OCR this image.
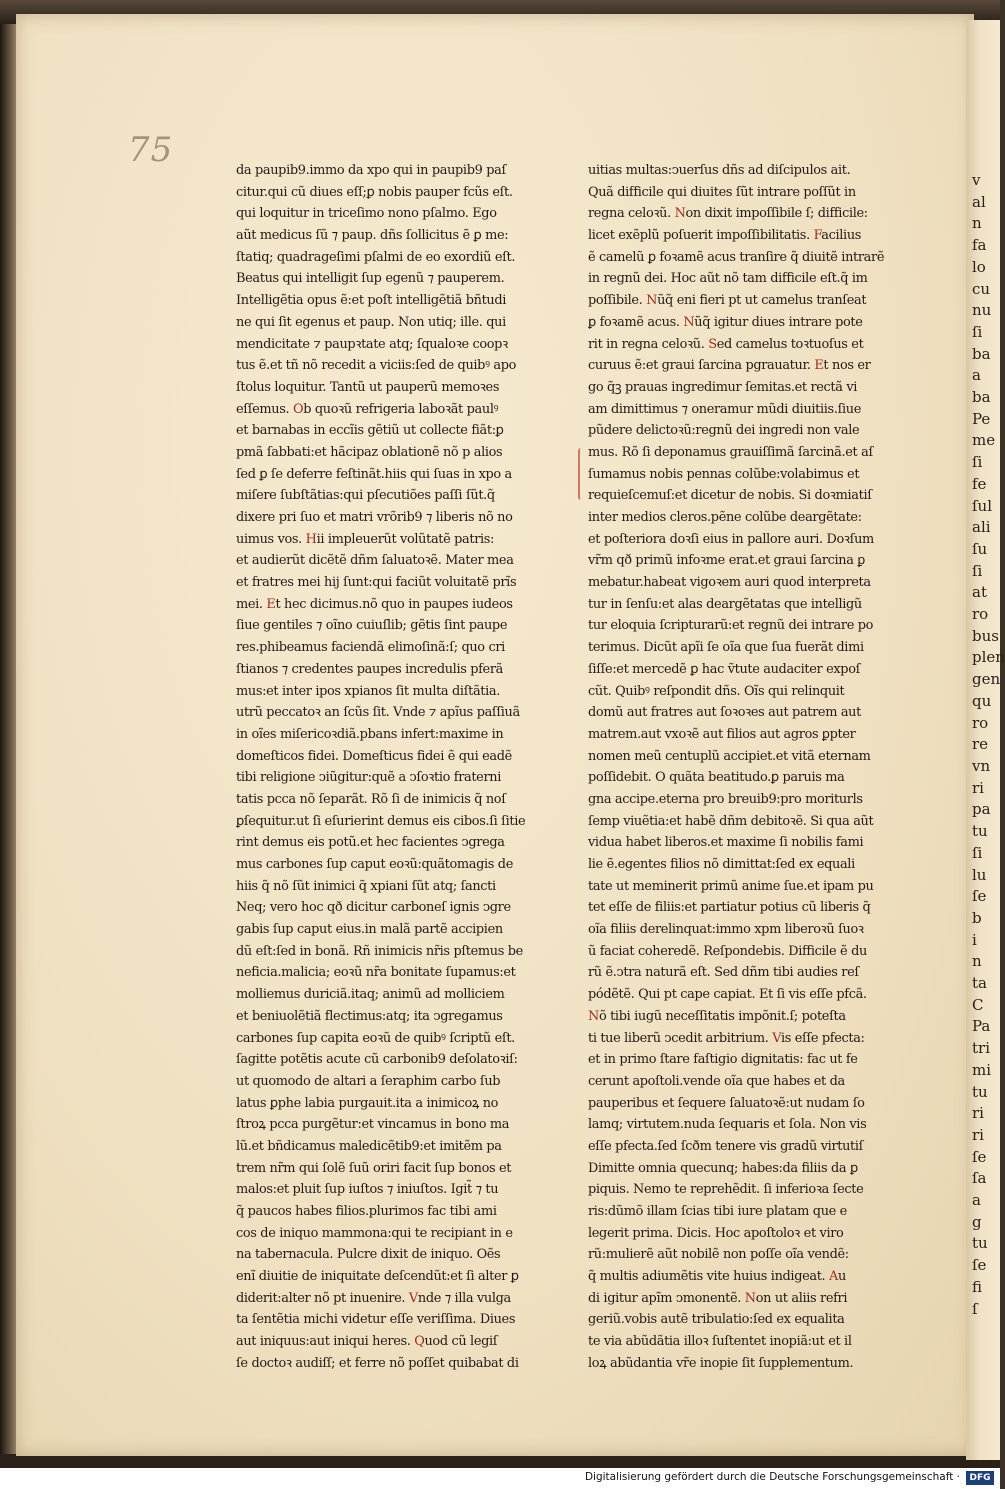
v
al
n
fa
lo
cu
nu
ſi
ba
a
ba
Pe
me
ſi
fe
ſul
ali
ſu
ſi
at
ro
bus
plen
gen
qu
ro
re
vn
ri
pa
tu
ſi
lu
ſe
b
i
n
ta
C
Pa
tri
mi
tu
ri
ri
ſe
ſa
a
g
tu
ſe
fi
ſ
75
da paupib9.immo da xpo qui in paupib9 paſ
citur.qui cũ diues eſſ;ꝑ nobis pauper fcũs eſt.
qui loquitur in triceſimo nono pſalmo. Ego
aũt medicus ſũ ⁊ paup. dñs ſollicitus ẽ ꝑ me:
ſtatiq; quadrageſimi pſalmi de eo exordiũ eſt.
Beatus qui intelligit ſup egenũ ⁊ pauperem.
Intelligẽtia opus ẽ:et poſt intelligẽtiã bñtudi
ne qui ſit egenus et paup. Non utiq; ille. qui
mendicitate ⁊ paupꝛtate atq; ſqualoꝛe coopꝛ
tus ẽ.et tñ nõ recedit a viciis:ſed de quibꝰ apo
ſtolus loquitur. Tantũ ut pauperũ memoꝛes
eſſemus. Ob quoꝛũ refrigeria laboꝛãt paulꝰ
et barnabas in eccĩis gẽtiũ ut collecte fiãt:ꝑ
pmã ſabbati:et hãcipaz oblationẽ nõ p alios
ſed ꝑ ſe deferre feſtinãt.hiis qui ſuas in xpo a
miſere ſubſtãtias:qui pſecutiões paſſi ſũt.q̃
dixere pri ſuo et matri vrõrib9 ⁊ liberis nõ no
uimus vos. Hii impleuerũt volũtatẽ patris:
et audierũt dicẽtẽ dñm ſaluatoꝛẽ. Mater mea
et fratres mei hij ſunt:qui faciũt voluitatẽ prĩs
mei. Et hec dicimus.nõ quo in paupes iudeos
ſiue gentiles ⁊ oĩno cuiuſlib; gẽtis ſint paupe
res.phibeamus faciendã elimoſinã:ſ; quo cri
ſtianos ⁊ credentes paupes incredulis pferã
mus:et inter ipos xpianos ſit multa diſtãtia.
utrũ peccatoꝛ an ſcũs ſit. Vnde ⁊ apĩus paſſiuã
in oĩes miſericoꝛdiã.pbans infert:maxime in
domeſticos fidei. Domeſticus fidei ẽ qui eadẽ
tibi religione ↄiũgitur:quẽ a ↄſoꝛtio fraterni
tatis pcca nõ ſeparãt. Rõ ſi de inimicis q̃ noſ
ꝑſequitur.ut ſi eſurierint demus eis cibos.ſi ſitie
rint demus eis potũ.et hec facientes ↄgrega
mus carbones ſup caput eoꝛũ:quãtomagis de
hiis q̃ nõ ſũt inimici q̃ xpiani ſũt atq; ſancti
Neq; vero hoc qð dicitur carboneſ ignis ↄgre
gabis ſup caput eius.in malã partẽ accipien
dũ eſt:ſed in bonã. Rñ inimicis nr̃is pſtemus be
neficia.malicia; eoꝛũ nr̃a bonitate ſupamus:et
molliemus duriciã.itaq; animũ ad molliciem
et beniuolẽtiã flectimus:atq; ita ↄgregamus
carbones ſup capita eoꝛũ de quibꝰ ſcriptũ eſt.
ſagitte potẽtis acute cũ carbonib9 deſolatoꝛiſ:
ut quomodo de altari a ſeraphim carbo ſub
latus ꝑphe labia purgauit.ita a inimicoꝝ no
ſtroꝝ pcca purgẽtur:et vincamus in bono ma
lũ.et bñdicamus maledicẽtib9:et imitẽm pa
trem nr̃m qui ſolẽ ſuũ oriri facit ſup bonos et
malos:et pluit ſup iuſtos ⁊ iniuſtos. Igit̃ ⁊ tu
q̃ paucos habes filios.plurimos fac tibi ami
cos de iniquo mammona:qui te recipiant in e
na tabernacula. Pulcre dixit de iniquo. Oẽs
enĩ diuitie de iniquitate deſcendũt:et ſi alter ꝑ
diderit:alter nõ pt inuenire. Vnde ⁊ illa vulga
ta ſentẽtia michi videtur eſſe veriſſima. Diues
aut iniquus:aut iniqui heres. Quod cũ legiſ
ſe doctoꝛ audiſſ; et ferre nõ poſſet quibabat di
uitias multas:ↄuerſus dñs ad diſcipulos ait.
Quã difficile qui diuites ſũt intrare poſſũt in
regna celoꝛũ. Non dixit impoſſibile ſ; difficile:
licet exẽplũ poſuerit impoſſibilitatis. Facilius
ẽ camelũ ꝑ foꝛamẽ acus tranſire q̃ diuitẽ intrarẽ
in regnũ dei. Hoc aũt nõ tam difficile eſt.q̃ im
poſſibile. Nũq̃ eni fieri pt ut camelus tranſeat
ꝑ foꝛamẽ acus. Nũq̃ igitur diues intrare pote
rit in regna celoꝛũ. Sed camelus toꝛtuoſus et
curuus ẽ:et graui ſarcina pgrauatur. Et nos er
go q̃ꝫ prauas ingredimur ſemitas.et rectã vi
am dimittimus ⁊ oneramur mũdi diuitiis.ſiue
pũdere delictoꝛũ:regnũ dei ingredi non vale
mus. Rõ ſi deponamus grauiſſimã ſarcinã.et aſ
ſumamus nobis pennas colũbe:volabimus et
requieſcemuſ:et dicetur de nobis. Si doꝛmiatiſ
inter medios cleros.pẽne colũbe deargẽtate:
et poſteriora doꝛſi eius in pallore auri. Doꝛſum
vr̃m qð primũ infoꝛme erat.et graui ſarcina ꝑ
mebatur.habeat vigoꝛem auri quod interpreta
tur in ſenſu:et alas deargẽtatas que intelligũ
tur eloquia ſcripturarũ:et regnũ dei intrare po
terimus. Dicũt apĩi ſe oĩa que ſua fuerãt dimi
ſiſſe:et mercedẽ ꝑ hac ṽtute audaciter expoſ
cũt. Quibꝰ reſpondit dñs. Oĩs qui relinquit
domũ aut fratres aut ſoꝛoꝛes aut patrem aut
matrem.aut vxoꝛẽ aut filios aut agros ꝑpter
nomen meũ centuplũ accipiet.et vitã eternam
poſſidebit. O quãta beatitudo.ꝑ paruis ma
gna accipe.eterna pro breuib9:pro moriturls
ſemp viuẽtia:et habẽ dñm debitoꝛẽ. Si qua aũt
vidua habet liberos.et maxime ſi nobilis fami
lie ẽ.egentes filios nõ dimittat:ſed ex equali
tate ut meminerit primũ anime ſue.et ipam pu
tet eſſe de filiis:et partiatur potius cũ liberis q̃
oĩa filiis derelinquat:immo xpm liberoꝛũ ſuoꝛ
ũ faciat coheredẽ. Reſpondebis. Difficile ẽ du
rũ ẽ.ↄtra naturã eſt. Sed dñm tibi audies reſ
pódẽtẽ. Qui pt cape capiat. Et ſi vis eſſe pfcã.
Nõ tibi iugũ neceſſitatis impõnit.ſ; poteſta
ti tue liberũ ↄcedit arbitrium. Vis eſſe pfecta:
et in primo ſtare faſtigio dignitatis: fac ut fe
cerunt apoſtoli.vende oĩa que habes et da
pauperibus et ſequere ſaluatoꝛẽ:ut nudam ſo
lamq; virtutem.nuda ſequaris et ſola. Non vis
eſſe pfecta.ſed ſcðm tenere vis gradũ virtutiſ
Dimitte omnia quecunq; habes:da filiis da ꝑ
piquis. Nemo te reprehẽdit. ſi inferioꝛa ſecte
ris:dũmõ illam ſcias tibi iure platam que e
legerit prima. Dicis. Hoc apoſtoloꝛ et viro
rũ:mulierẽ aũt nobilẽ non poſſe oĩa vendẽ:
q̃ multis adiumẽtis vite huius indigeat. Au
di igitur apĩm ↄmonentẽ. Non ut aliis refri
geriũ.vobis autẽ tribulatio:ſed ex equalita
te via abũdãtia illoꝛ ſuſtentet inopiã:ut et il
loꝝ abũdantia vr̃e inopie ſit ſupplementum.
Digitalisierung gefördert durch die Deutsche Forschungsgemeinschaft ·	DFG
